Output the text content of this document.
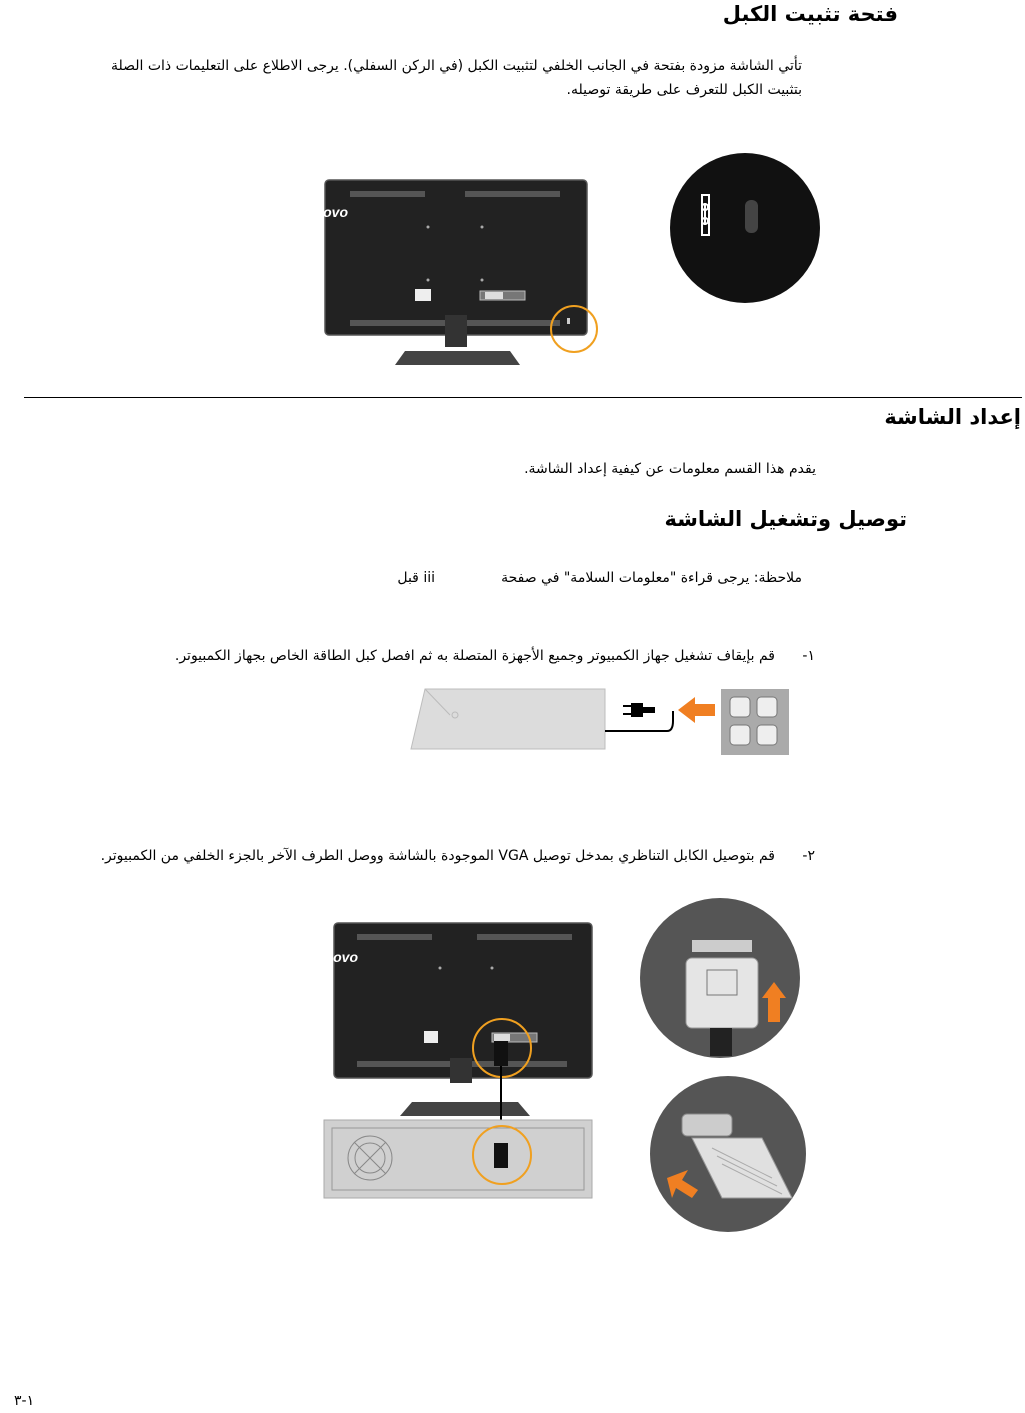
فتحة تثبيت الكبل
تأتي الشاشة مزودة بفتحة في الجانب الخلفي لتثبيت الكبل (في الركن السفلي). يرجى الاطلاع على التعليمات ذات الصلة
بتثبيت الكبل للتعرف على طريقة توصيله.
lenovo
إعداد الشاشة
يقدم هذا القسم معلومات عن كيفية إعداد الشاشة.
توصيل وتشغيل الشاشة
ملاحظة: يرجى قراءة "معلومات السلامة" في صفحة
iii قبل
١-
قم بإيقاف تشغيل جهاز الكمبيوتر وجميع الأجهزة المتصلة به ثم افصل كبل الطاقة الخاص بجهاز الكمبيوتر.
٢-
قم بتوصيل الكابل التناظري بمدخل توصيل VGA الموجودة بالشاشة ووصل الطرف الآخر بالجزء الخلفي من الكمبيوتر.
lenovo
١-٣
